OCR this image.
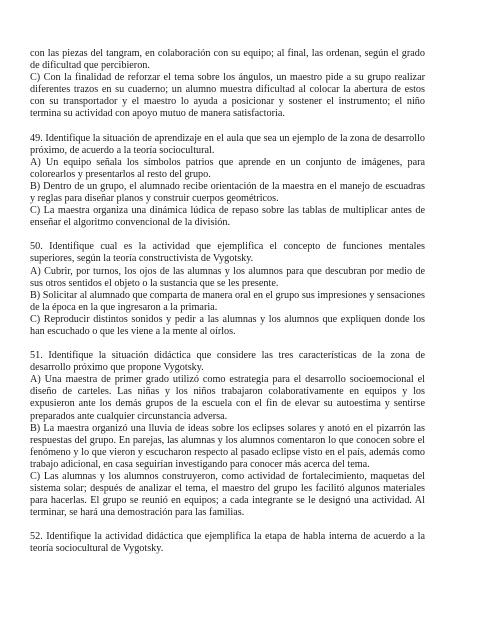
con las piezas del tangram, en colaboración con su equipo; al final, las ordenan, según el grado de dificultad que percibieron.

C) Con la finalidad de reforzar el tema sobre los ángulos, un maestro pide a su grupo realizar diferentes trazos en su cuaderno; un alumno muestra dificultad al colocar la abertura de estos con su transportador y el maestro lo ayuda a posicionar y sostener el instrumento; el niño termina su actividad con apoyo mutuo de manera satisfactoria.

49. Identifique la situación de aprendizaje en el aula que sea un ejemplo de la zona de desarrollo próximo, de acuerdo a la teoría sociocultural.

A) Un equipo señala los símbolos patrios que aprende en un conjunto de imágenes, para colorearlos y presentarlos al resto del grupo.

B) Dentro de un grupo, el alumnado recibe orientación de la maestra en el manejo de escuadras y reglas para diseñar planos y construir cuerpos geométricos.

C) La maestra organiza una dinámica lúdica de repaso sobre las tablas de multiplicar antes de enseñar el algoritmo convencional de la división.

50. Identifique cual es la actividad que ejemplifica el concepto de funciones mentales superiores, según la teoría constructivista de Vygotsky.

A) Cubrir, por turnos, los ojos de las alumnas y los alumnos para que descubran por medio de sus otros sentidos el objeto o la sustancia que se les presente.

B) Solicitar al alumnado que comparta de manera oral en el grupo sus impresiones y sensaciones de la época en la que ingresaron a la primaria.

C) Reproducir distintos sonidos y pedir a las alumnas y los alumnos que expliquen donde los han escuchado o que les viene a la mente al oírlos.

51. Identifique la situación didáctica que considere las tres características de la zona de desarrollo próximo que propone Vygotsky.

A) Una maestra de primer grado utilizó como estrategia para el desarrollo socioemocional el diseño de carteles. Las niñas y los niños trabajaron colaborativamente en equipos y los expusieron ante los demás grupos de la escuela con el fin de elevar su autoestima y sentirse preparados ante cualquier circunstancia adversa.

B) La maestra organizó una lluvia de ideas sobre los eclipses solares y anotó en el pizarrón las respuestas del grupo. En parejas, las alumnas y los alumnos comentaron lo que conocen sobre el fenómeno y lo que vieron y escucharon respecto al pasado eclipse visto en el país, además como trabajo adicional, en casa seguirían investigando para conocer más acerca del tema.

C) Las alumnas y los alumnos construyeron, como actividad de fortalecimiento, maquetas del sistema solar; después de analizar el tema, el maestro del grupo les facilitó algunos materiales para hacerlas. El grupo se reunió en equipos; a cada integrante se le designó una actividad. Al terminar, se hará una demostración para las familias.

52. Identifique la actividad didáctica que ejemplifica la etapa de habla interna de acuerdo a la teoría sociocultural de Vygotsky.
